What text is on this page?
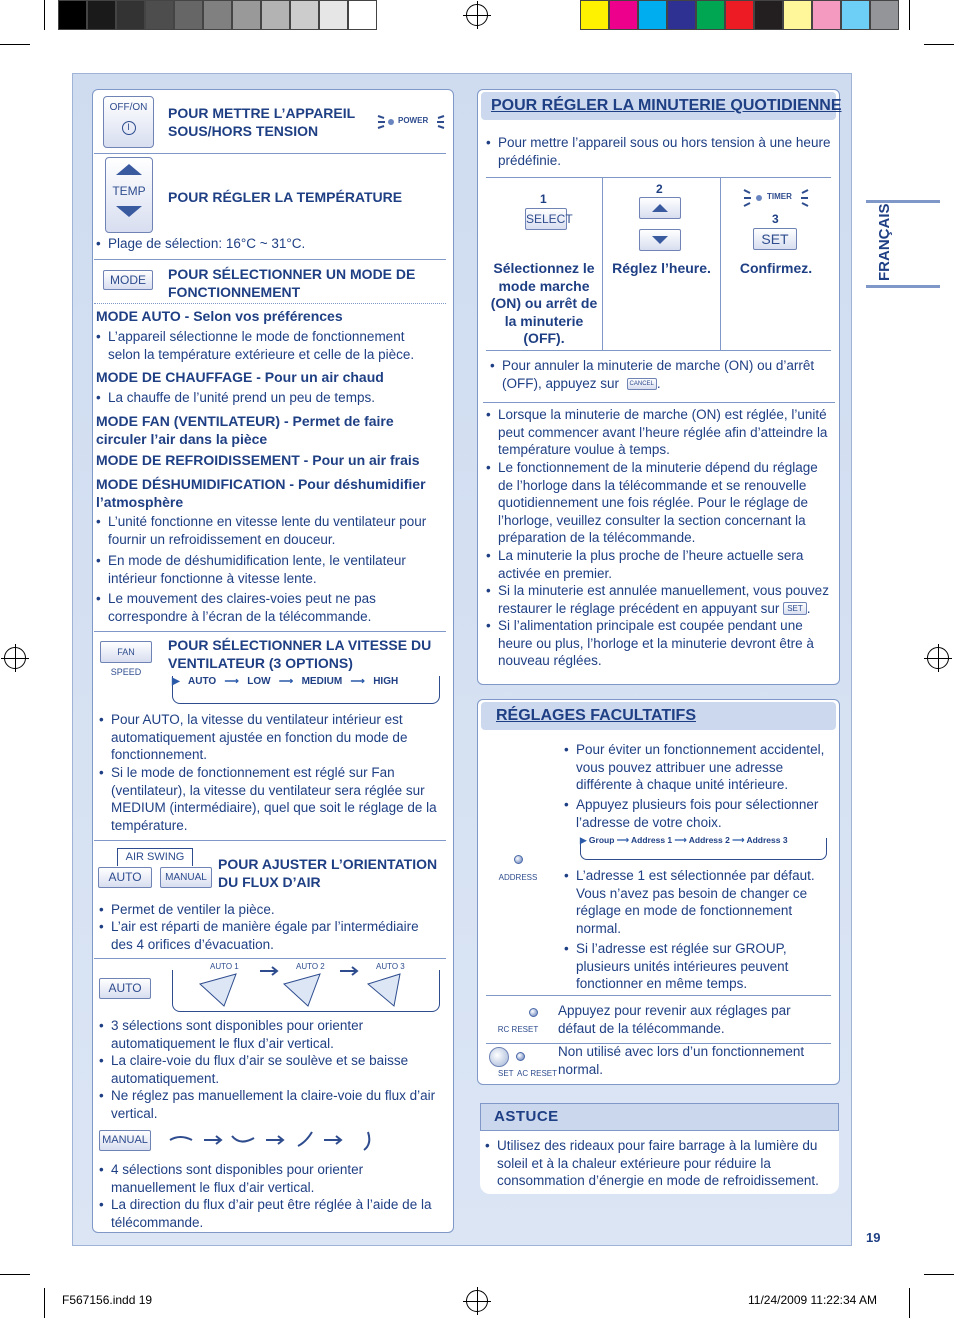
F567156.indd 19	11/24/2009 11:22:34 AM
19
FRANÇAIS
OFF/ON
I
POUR METTRE L’APPAREIL SOUS/HORS TENSION
POWER
TEMP	POUR RÉGLER LA TEMPÉRATURE
• Plage de sélection: 16°C ~ 31°C.
MODE	POUR SÉLECTIONNER UN MODE DE FONCTIONNEMENT
MODE AUTO - Selon vos préférences
• L’appareil sélectionne le mode de fonctionnement selon la température extérieure et celle de la pièce.
MODE DE CHAUFFAGE - Pour un air chaud
• La chauffe de l’unité prend un peu de temps.
MODE FAN (VENTILATEUR) - Permet de faire circuler l’air dans la pièce
MODE DE REFROIDISSEMENT - Pour un air frais
MODE DÉSHUMIDIFICATION - Pour déshumidifier l’atmosphère
• L’unité fonctionne en vitesse lente du ventilateur pour fournir un refroidissement en douceur.
• En mode de déshumidification lente, le ventilateur intérieur fonctionne à vitesse lente.
• Le mouvement des claires-voies peut ne pas correspondre à l’écran de la télécommande.
FAN SPEED
POUR SÉLECTIONNER LA VITESSE DU VENTILATEUR (3 OPTIONS)
▶ AUTO ⟶ LOW ⟶ MEDIUM ⟶ HIGH
• Pour AUTO, la vitesse du ventilateur intérieur est automatiquement ajustée en fonction du mode de fonctionnement.
• Si le mode de fonctionnement est réglé sur Fan (ventilateur), la vitesse du ventilateur sera réglée sur MEDIUM (intermédiaire), quel que soit le réglage de la température.
AIR SWING
AUTO	MANUAL
POUR AJUSTER L’ORIENTATION DU FLUX D’AIR
• Permet de ventiler la pièce.
• L’air est réparti de manière égale par l’intermédiaire des 4 orifices d’évacuation.
AUTO
AUTO 1	AUTO 2	AUTO 3
• 3 sélections sont disponibles pour orienter automatiquement le flux d’air vertical.
• La claire-voie du flux d’air se soulève et se baisse automatiquement.
• Ne réglez pas manuellement la claire-voie du flux d’air vertical.
MANUAL
• 4 sélections sont disponibles pour orienter manuellement le flux d’air vertical.
• La direction du flux d’air peut être réglée à l’aide de la télécommande.
POUR RÉGLER LA MINUTERIE QUOTIDIENNE
• Pour mettre l’appareil sous ou hors tension à une heure prédéfinie.
1
SELECT
Sélectionnez le mode marche (ON) ou arrêt de la minuterie (OFF).
2
Réglez l’heure.
TIMER
3
SET
Confirmez.
• Pour annuler la minuterie de marche (ON) ou d’arrêt (OFF), appuyez sur CANCEL .
• Lorsque la minuterie de marche (ON) est réglée, l’unité peut commencer avant l’heure réglée afin d’atteindre la température voulue à temps.
• Le fonctionnement de la minuterie dépend du réglage de l’horloge dans la télécommande et se renouvelle quotidiennement une fois réglée. Pour le réglage de l’horloge, veuillez consulter la section concernant la préparation de la télécommande.
• La minuterie la plus proche de l’heure actuelle sera activée en premier.
• Si la minuterie est annulée manuellement, vous pouvez restaurer le réglage précédent en appuyant sur SET .
• Si l’alimentation principale est coupée pendant une heure ou plus, l’horloge et la minuterie devront être à nouveau réglées.
RÉGLAGES FACULTATIFS
ADDRESS
• Pour éviter un fonctionnement accidentel, vous pouvez attribuer une adresse différente à chaque unité intérieure.
• Appuyez plusieurs fois pour sélectionner l’adresse de votre choix.
▶ Group ⟶ Address 1 ⟶ Address 2 ⟶ Address 3
• L’adresse 1 est sélectionnée par défaut. Vous n’avez pas besoin de changer ce réglage en mode de fonctionnement normal.
• Si l’adresse est réglée sur GROUP, plusieurs unités intérieures peuvent fonctionner en même temps.
RC RESET
Appuyez pour revenir aux réglages par défaut de la télécommande.
SET AC RESET
Non utilisé avec lors d’un fonctionnement normal.
ASTUCE
• Utilisez des rideaux pour faire barrage à la lumière du soleil et à la chaleur extérieure pour réduire la consommation d’énergie en mode de refroidissement.
